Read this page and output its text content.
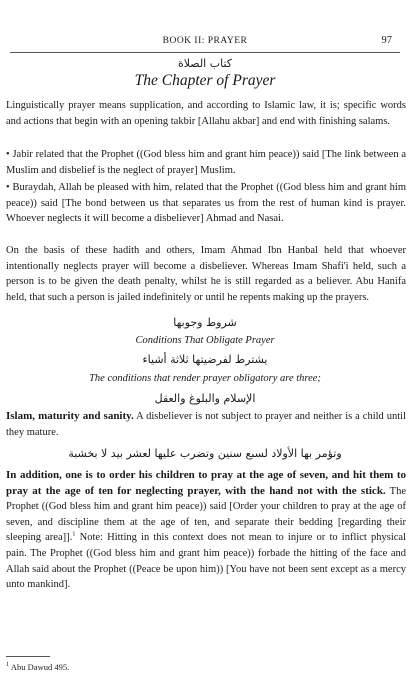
BOOK II: PRAYER	97
كتاب الصلاة
The Chapter of Prayer

Linguistically prayer means supplication, and according to Islamic law, it is; specific words and actions that begin with an opening takbir [Allahu akbar] and end with finishing salams.

• Jabir related that the Prophet ((God bless him and grant him peace)) said [The link between a Muslim and disbelief is the neglect of prayer] Muslim.

• Buraydah, Allah be pleased with him, related that the Prophet ((God bless him and grant him peace)) said [The bond between us that separates us from the rest of human kind is prayer. Whoever neglects it will become a disbeliever] Ahmad and Nasai.

On the basis of these hadith and others, Imam Ahmad Ibn Hanbal held that whoever intentionally neglects prayer will become a disbeliever. Whereas Imam Shafi'i held, such a person is to be given the death penalty, whilst he is still regarded as a believer. Abu Hanifa held, that such a person is jailed indefinitely or until he repents making up the prayers.

شروط وجوبها
Conditions That Obligate Prayer
يشترط لفرضيتها ثلاثة أشياء
The conditions that render prayer obligatory are three;
الإسلام والبلوغ والعقل

Islam, maturity and sanity. A disbeliever is not subject to prayer and neither is a child until they mature.

وتؤمر بها الأولاد لسبع سنين وتضرب عليها لعشر بيد لا بخشبة

In addition, one is to order his children to pray at the age of seven, and hit them to pray at the age of ten for neglecting prayer, with the hand not with the stick. The Prophet ((God bless him and grant him peace)) said [Order your children to pray at the age of seven, and discipline them at the age of ten, and separate their bedding [regarding their sleeping area]].$^1$ Note: Hitting in this context does not mean to injure or to inflict physical pain. The Prophet ((God bless him and grant him peace)) forbade the hitting of the face and Allah said about the Prophet ((Peace be upon him)) [You have not been sent except as a mercy unto mankind].

$^1$ Abu Dawud 495.
